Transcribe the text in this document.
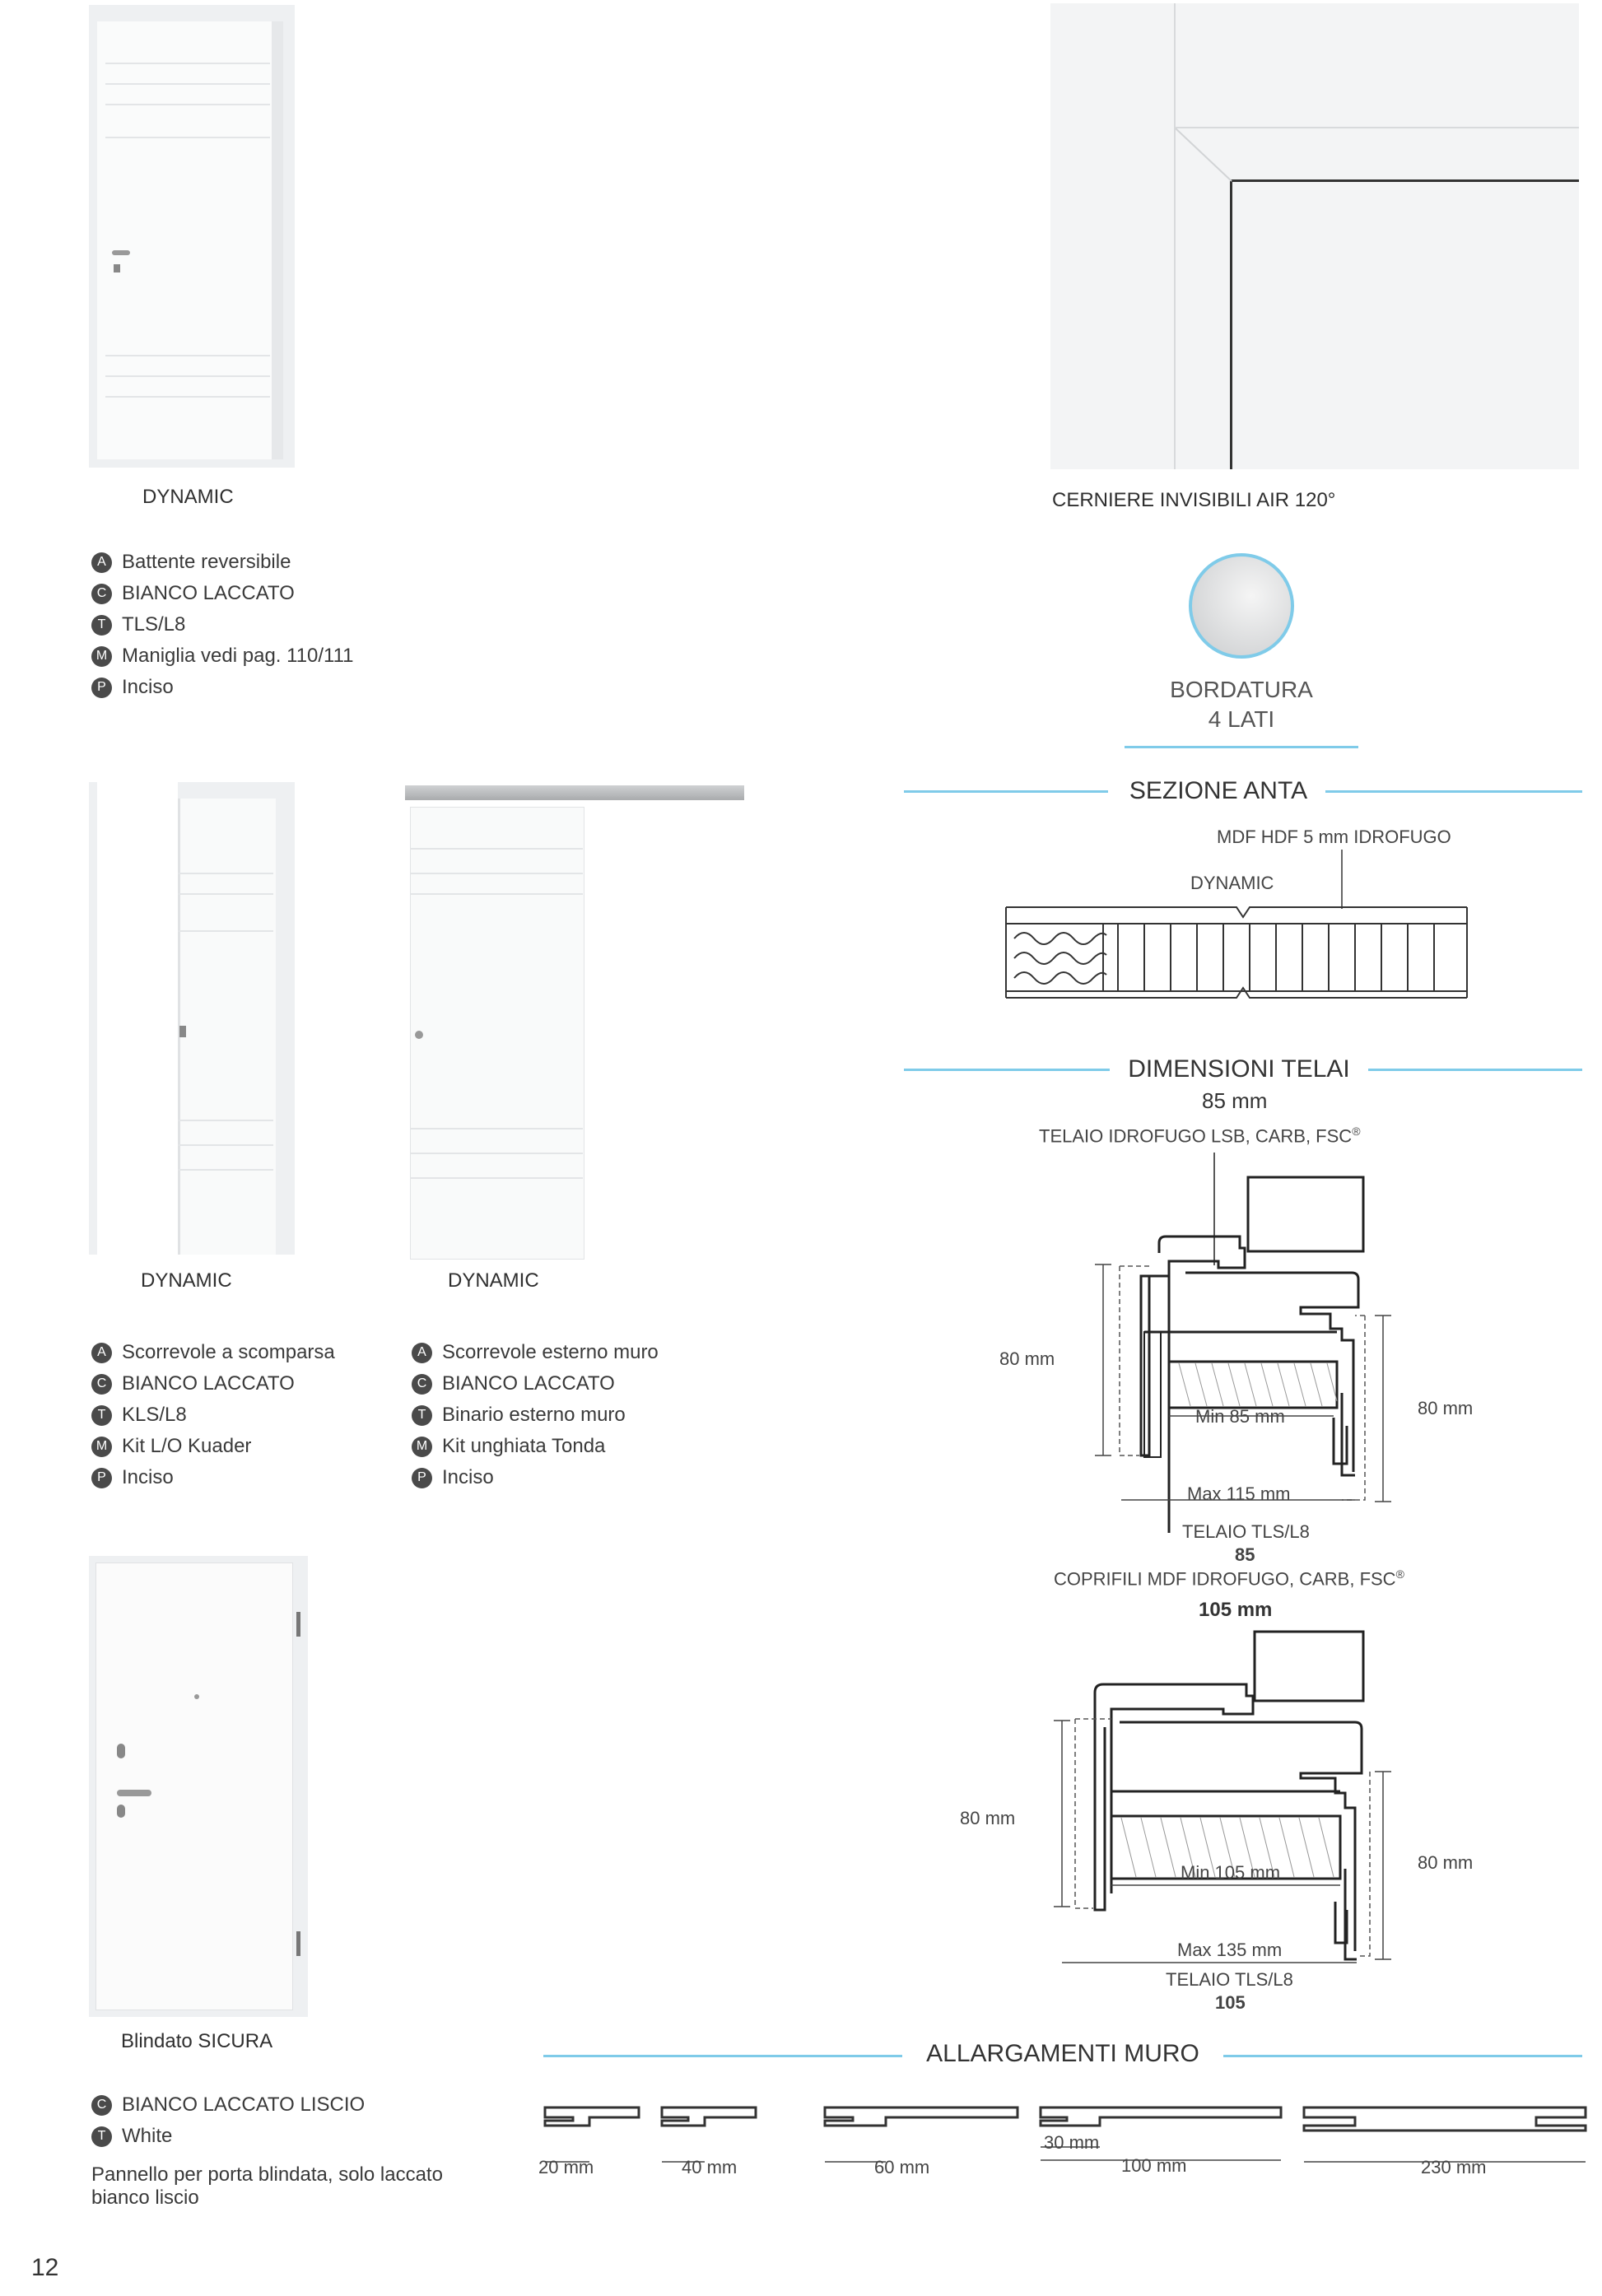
DYNAMIC
A Battente reversibile
C BIANCO LACCATO
T TLS/L8
M Maniglia vedi pag. 110/111
P Inciso
CERNIERE INVISIBILI AIR 120°
BORDATURA
4 LATI
SEZIONE ANTA
MDF HDF 5 mm IDROFUGO
DYNAMIC
DYNAMIC	DYNAMIC
A Scorrevole a scomparsa
C BIANCO LACCATO
T KLS/L8
M Kit L/O Kuader
P Inciso
A Scorrevole esterno muro
C BIANCO LACCATO
T Binario esterno muro
M Kit unghiata Tonda
P Inciso
DIMENSIONI TELAI
85 mm
TELAIO IDROFUGO LSB, CARB, FSC®
80 mm
80 mm
Min 85 mm
Max 115 mm
TELAIO TLS/L8
85
COPRIFILI MDF IDROFUGO, CARB, FSC®
105 mm
80 mm
80 mm
Min 105 mm
Max 135 mm
TELAIO TLS/L8
105
Blindato SICURA
C BIANCO LACCATO LISCIO
T White
Pannello per porta blindata, solo laccato bianco liscio
ALLARGAMENTI MURO
20 mm	40 mm	60 mm
30 mm
100 mm	230 mm
12
